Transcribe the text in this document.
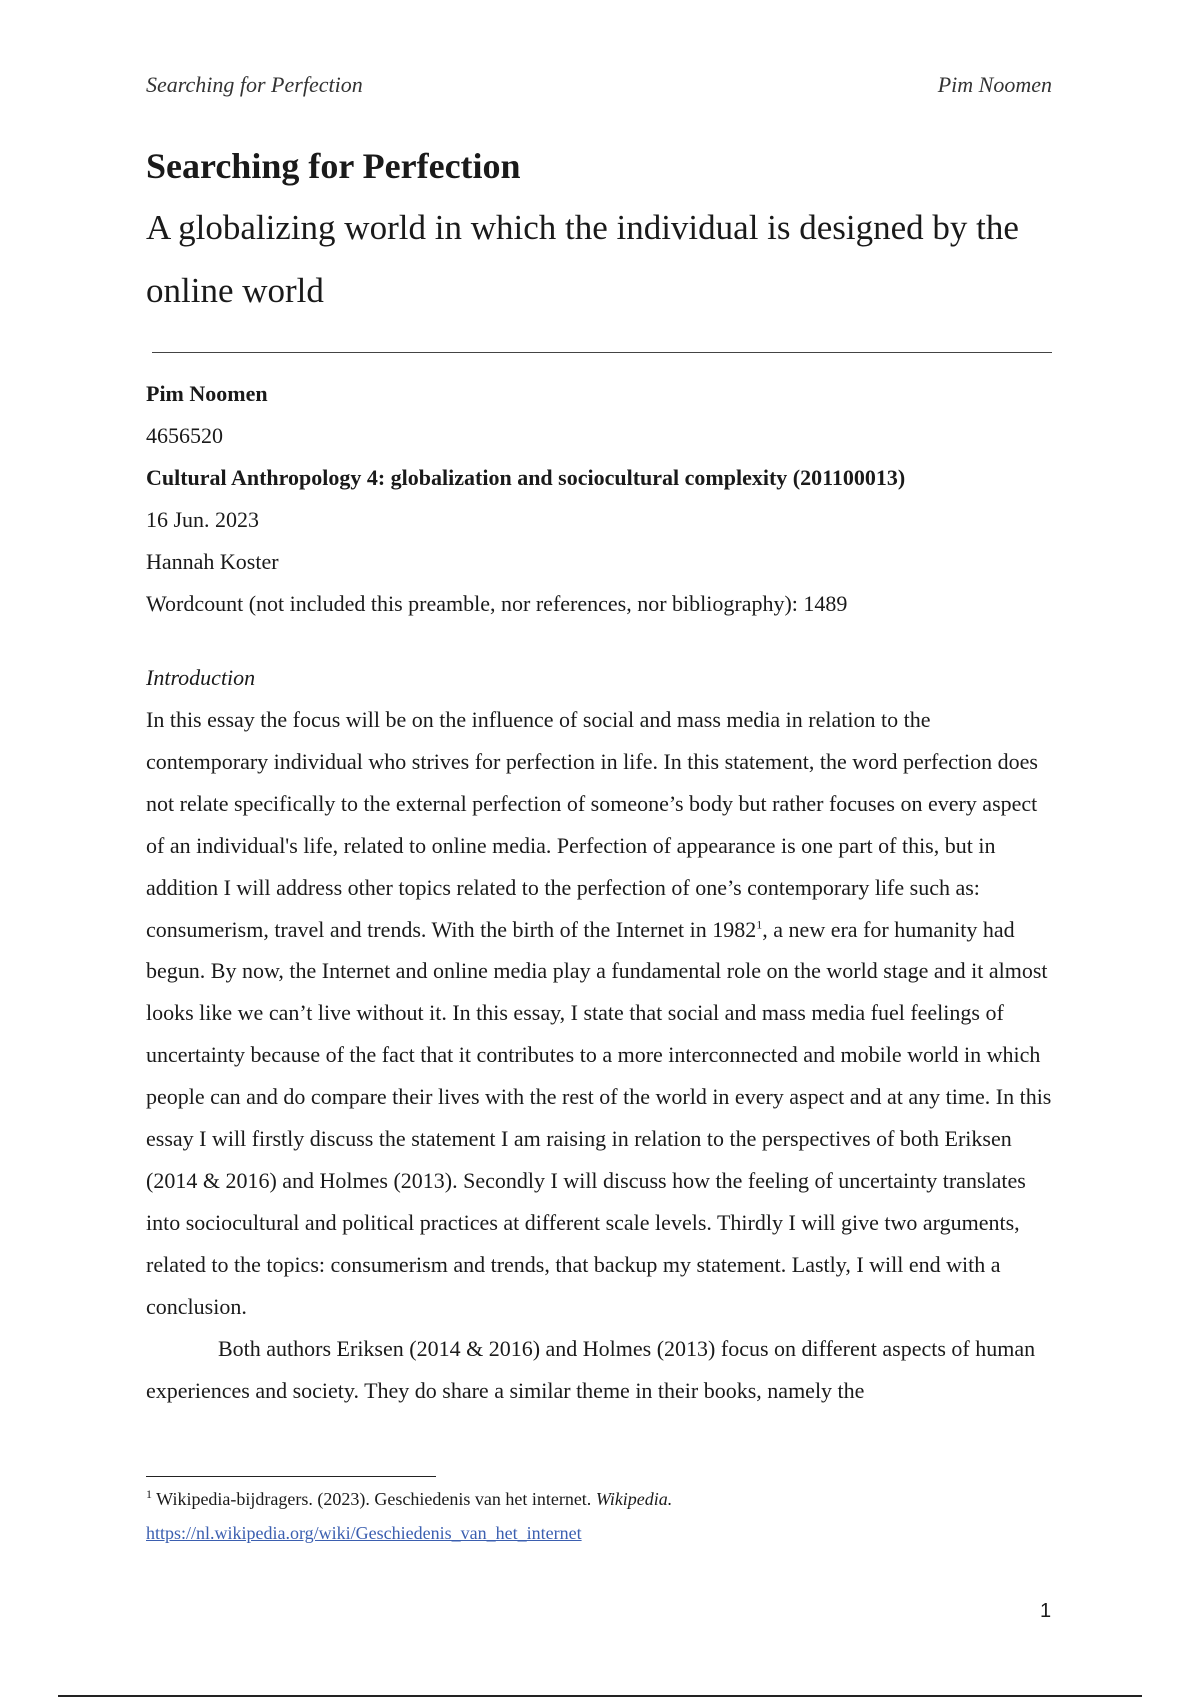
Searching for Perfection	Pim Noomen
Searching for Perfection
A globalizing world in which the individual is designed by the online world
Pim Noomen
4656520
Cultural Anthropology 4: globalization and sociocultural complexity (201100013)
16 Jun. 2023
Hannah Koster
Wordcount (not included this preamble, nor references, nor bibliography): 1489
Introduction

In this essay the focus will be on the influence of social and mass media in relation to the contemporary individual who strives for perfection in life. In this statement, the word perfection does not relate specifically to the external perfection of someone’s body but rather focuses on every aspect of an individual's life, related to online media. Perfection of appearance is one part of this, but in addition I will address other topics related to the perfection of one’s contemporary life such as: consumerism, travel and trends. With the birth of the Internet in 1982$^1$, a new era for humanity had begun. By now, the Internet and online media play a fundamental role on the world stage and it almost looks like we can’t live without it. In this essay, I state that social and mass media fuel feelings of uncertainty because of the fact that it contributes to a more interconnected and mobile world in which people can and do compare their lives with the rest of the world in every aspect and at any time. In this essay I will firstly discuss the statement I am raising in relation to the perspectives of both Eriksen (2014 & 2016) and Holmes (2013). Secondly I will discuss how the feeling of uncertainty translates into sociocultural and political practices at different scale levels. Thirdly I will give two arguments, related to the topics: consumerism and trends, that backup my statement. Lastly, I will end with a conclusion.

Both authors Eriksen (2014 & 2016) and Holmes (2013) focus on different aspects of human experiences and society. They do share a similar theme in their books, namely the

$^1$ Wikipedia-bijdragers. (2023). Geschiedenis van het internet. Wikipedia.
https://nl.wikipedia.org/wiki/Geschiedenis_van_het_internet
1
